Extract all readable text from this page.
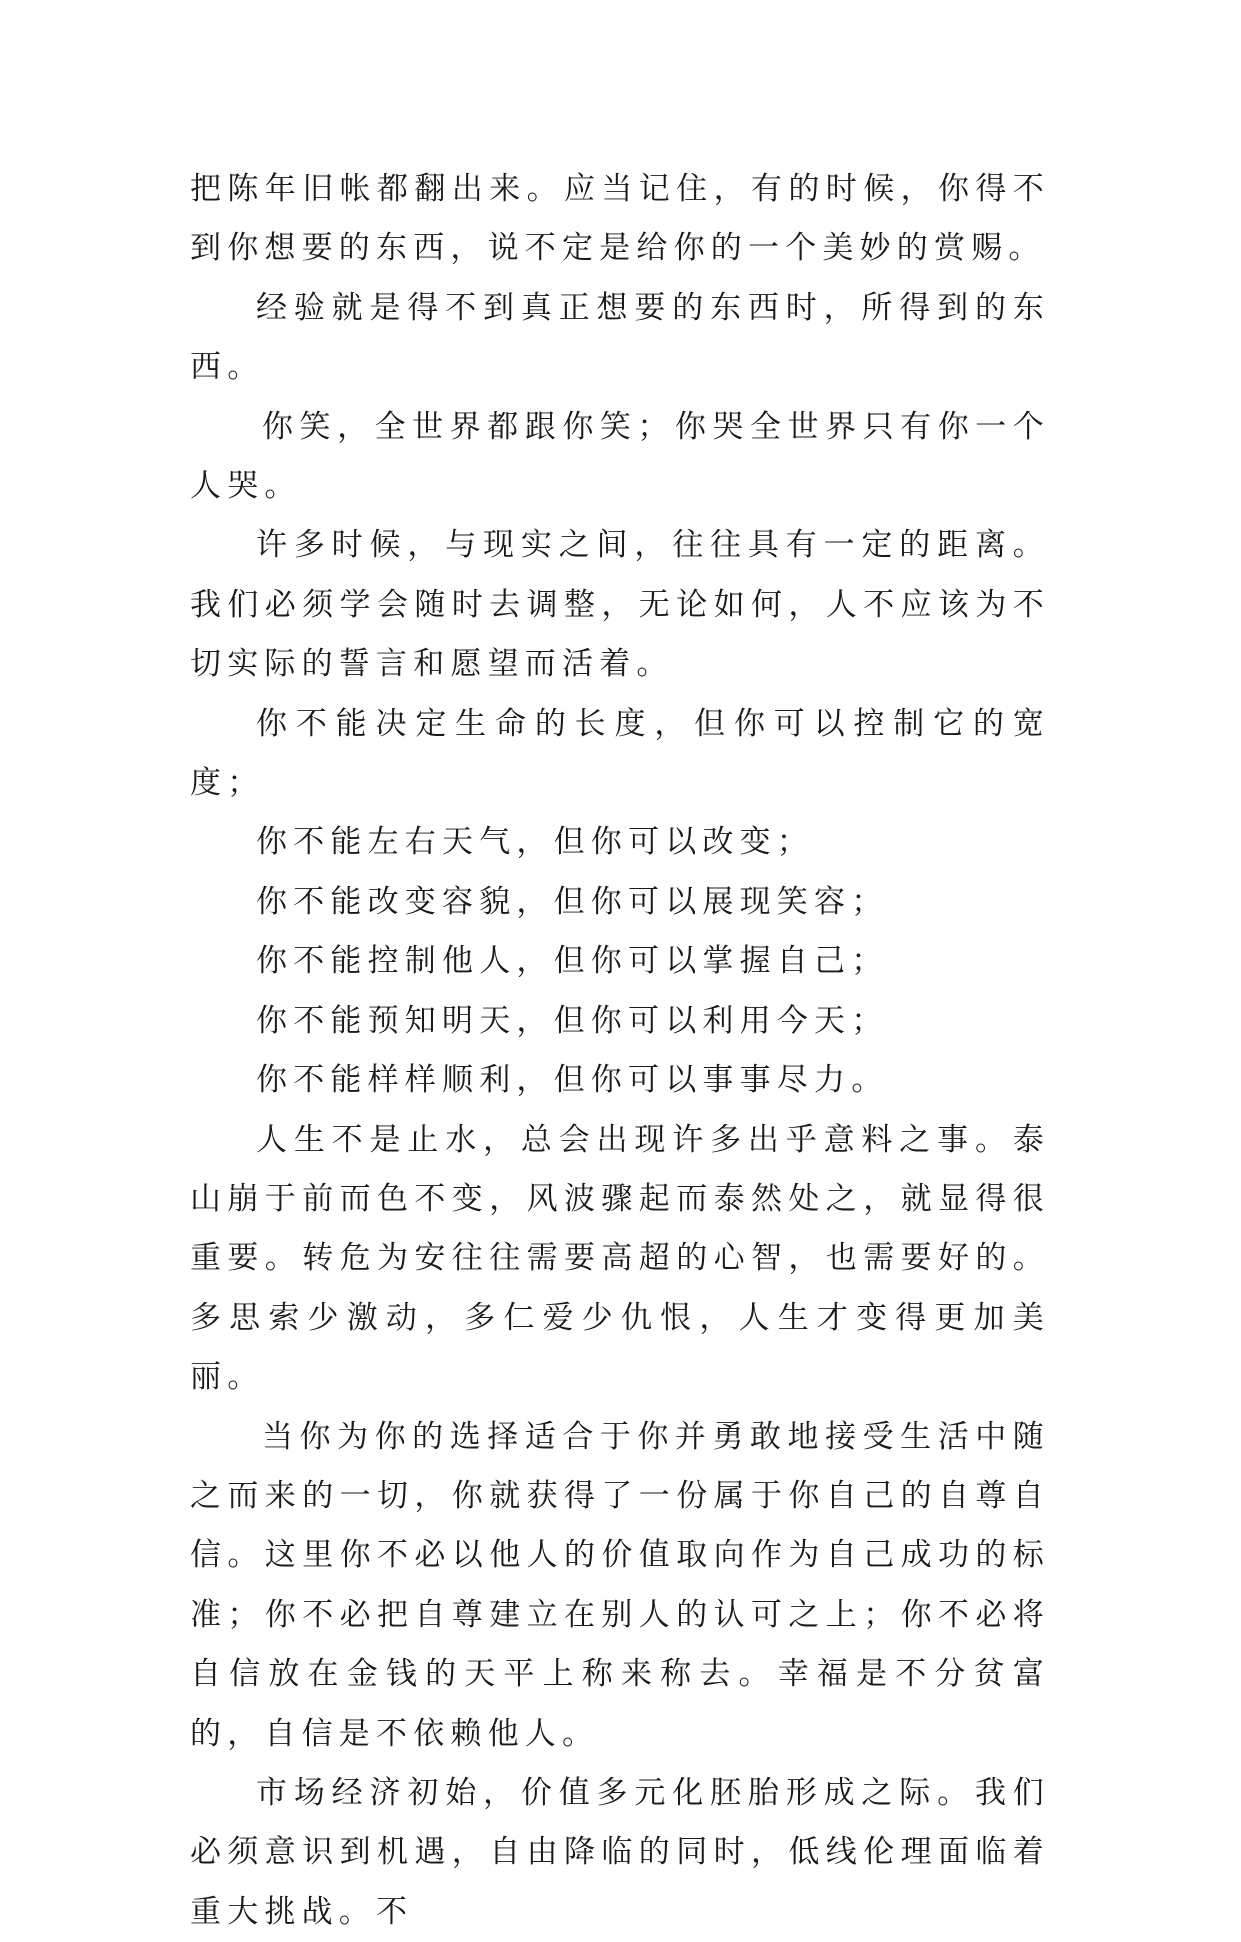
把陈年旧帐都翻出来。应当记住，有的时候，你得不到你想要的东西，说不定是给你的一个美妙的赏赐。

经验就是得不到真正想要的东西时，所得到的东西。

你笑，全世界都跟你笑；你哭全世界只有你一个人哭。

许多时候，与现实之间，往往具有一定的距离。我们必须学会随时去调整，无论如何，人不应该为不切实际的誓言和愿望而活着。

你不能决定生命的长度，但你可以控制它的宽度；

你不能左右天气，但你可以改变；

你不能改变容貌，但你可以展现笑容；

你不能控制他人，但你可以掌握自己；

你不能预知明天，但你可以利用今天；

你不能样样顺利，但你可以事事尽力。

人生不是止水，总会出现许多出乎意料之事。泰山崩于前而色不变，风波骤起而泰然处之，就显得很重要。转危为安往往需要高超的心智，也需要好的。多思索少激动，多仁爱少仇恨，人生才变得更加美丽。

当你为你的选择适合于你并勇敢地接受生活中随之而来的一切，你就获得了一份属于你自己的自尊自信。这里你不必以他人的价值取向作为自己成功的标准；你不必把自尊建立在别人的认可之上；你不必将自信放在金钱的天平上称来称去。幸福是不分贫富的，自信是不依赖他人。

市场经济初始，价值多元化胚胎形成之际。我们必须意识到机遇，自由降临的同时，低线伦理面临着重大挑战。不
